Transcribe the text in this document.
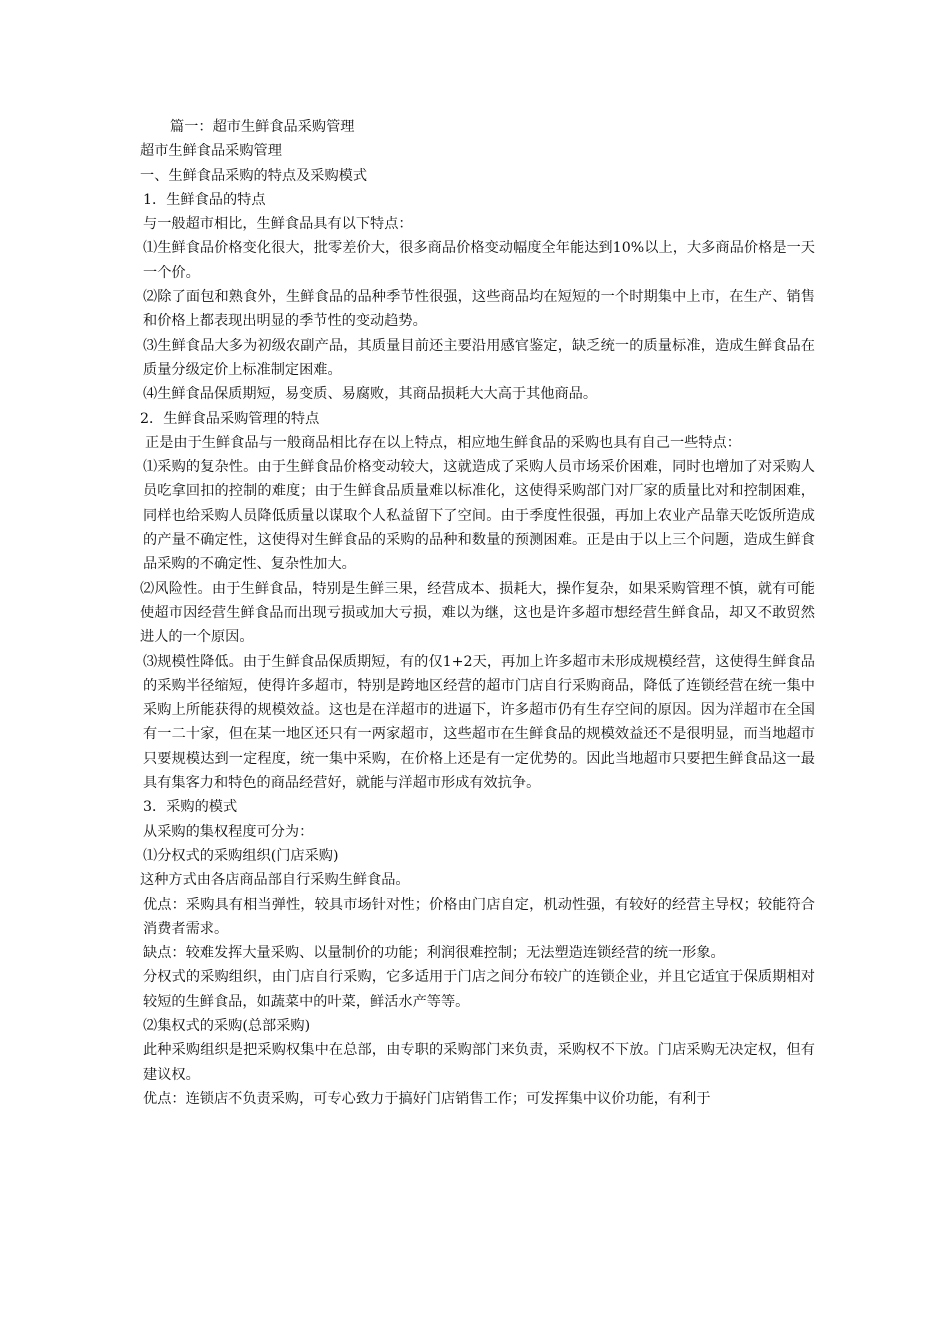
篇一：超市生鲜食品采购管理

超市生鲜食品采购管理

一、生鲜食品采购的特点及采购模式

1．生鲜食品的特点

与一般超市相比，生鲜食品具有以下特点：

⑴生鲜食品价格变化很大，批零差价大，很多商品价格变动幅度全年能达到10%以上，大多商品价格是一天一个价。

⑵除了面包和熟食外，生鲜食品的品种季节性很强，这些商品均在短短的一个时期集中上市，在生产、销售和价格上都表现出明显的季节性的变动趋势。

⑶生鲜食品大多为初级农副产品，其质量目前还主要沿用感官鉴定，缺乏统一的质量标准，造成生鲜食品在质量分级定价上标准制定困难。

⑷生鲜食品保质期短，易变质、易腐败，其商品损耗大大高于其他商品。

2．生鲜食品采购管理的特点

正是由于生鲜食品与一般商品相比存在以上特点，相应地生鲜食品的采购也具有自己一些特点：

⑴采购的复杂性。由于生鲜食品价格变动较大，这就造成了采购人员市场采价困难，同时也增加了对采购人员吃拿回扣的控制的难度；由于生鲜食品质量难以标准化，这使得采购部门对厂家的质量比对和控制困难，同样也给采购人员降低质量以谋取个人私益留下了空间。由于季度性很强，再加上农业产品靠天吃饭所造成的产量不确定性，这使得对生鲜食品的采购的品种和数量的预测困难。正是由于以上三个问题，造成生鲜食品采购的不确定性、复杂性加大。

⑵风险性。由于生鲜食品，特别是生鲜三果，经营成本、损耗大，操作复杂，如果采购管理不慎，就有可能使超市因经营生鲜食品而出现亏损或加大亏损，难以为继，这也是许多超市想经营生鲜食品，却又不敢贸然进人的一个原因。

⑶规模性降低。由于生鲜食品保质期短，有的仅1+2天，再加上许多超市未形成规模经营，这使得生鲜食品的采购半径缩短，使得许多超市，特别是跨地区经营的超市门店自行采购商品，降低了连锁经营在统一集中采购上所能获得的规模效益。这也是在洋超市的进逼下，许多超市仍有生存空间的原因。因为洋超市在全国有一二十家，但在某一地区还只有一两家超市，这些超市在生鲜食品的规模效益还不是很明显，而当地超市只要规模达到一定程度，统一集中采购，在价格上还是有一定优势的。因此当地超市只要把生鲜食品这一最具有集客力和特色的商品经营好，就能与洋超市形成有效抗争。

3．采购的模式

从采购的集权程度可分为：

⑴分权式的采购组织(门店采购)

这种方式由各店商品部自行采购生鲜食品。

优点：采购具有相当弹性，较具市场针对性；价格由门店自定，机动性强，有较好的经营主导权；较能符合消费者需求。

缺点：较难发挥大量采购、以量制价的功能；利润很难控制；无法塑造连锁经营的统一形象。

分权式的采购组织，由门店自行采购，它多适用于门店之间分布较广的连锁企业，并且它适宜于保质期相对较短的生鲜食品，如蔬菜中的叶菜，鲜活水产等等。

⑵集权式的采购(总部采购)

此种采购组织是把采购权集中在总部，由专职的采购部门来负责，采购权不下放。门店采购无决定权，但有建议权。

优点：连锁店不负责采购，可专心致力于搞好门店销售工作；可发挥集中议价功能，有利于
